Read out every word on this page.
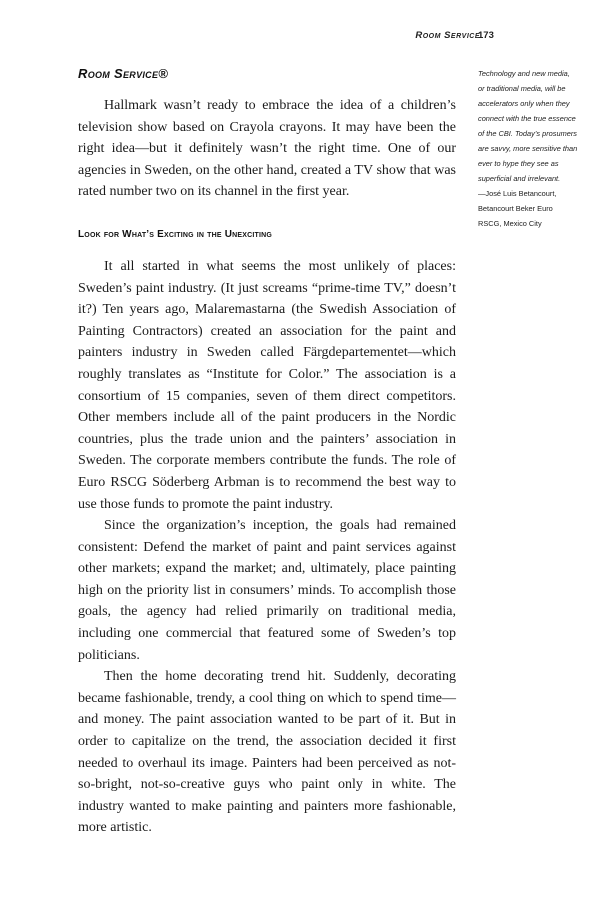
Room Service
173
Room Service®

Hallmark wasn’t ready to embrace the idea of a children’s television show based on Crayola crayons. It may have been the right idea—but it definitely wasn’t the right time. One of our agencies in Sweden, on the other hand, created a TV show that was rated number two on its channel in the first year.

Look for What’s Exciting in the Unexciting

It all started in what seems the most unlikely of places: Sweden’s paint industry. (It just screams “prime-time TV,” doesn’t it?) Ten years ago, Malaremastarna (the Swedish Association of Painting Contractors) created an association for the paint and painters industry in Sweden called Färgdepartementet—which roughly translates as “Institute for Color.” The association is a consortium of 15 companies, seven of them direct competitors. Other members include all of the paint producers in the Nordic countries, plus the trade union and the painters’ association in Sweden. The corporate members contribute the funds. The role of Euro RSCG Söderberg Arbman is to recommend the best way to use those funds to promote the paint industry.

Since the organization’s inception, the goals had remained consistent: Defend the market of paint and paint services against other markets; expand the market; and, ultimately, place painting high on the priority list in consumers’ minds. To accomplish those goals, the agency had relied primarily on traditional media, including one commercial that featured some of Sweden’s top politicians.

Then the home decorating trend hit. Suddenly, decorating became fashionable, trendy, a cool thing on which to spend time—and money. The paint association wanted to be part of it. But in order to capitalize on the trend, the association decided it first needed to overhaul its image. Painters had been perceived as not-so-bright, not-so-creative guys who paint only in white. The industry wanted to make painting and painters more fashionable, more artistic.

Technology and new media, or traditional media, will be accelerators only when they connect with the true essence of the CBI. Today’s prosumers are savvy, more sensitive than ever to hype they see as superficial and irrelevant.
—José Luis Betancourt, Betancourt Beker Euro RSCG, Mexico City
